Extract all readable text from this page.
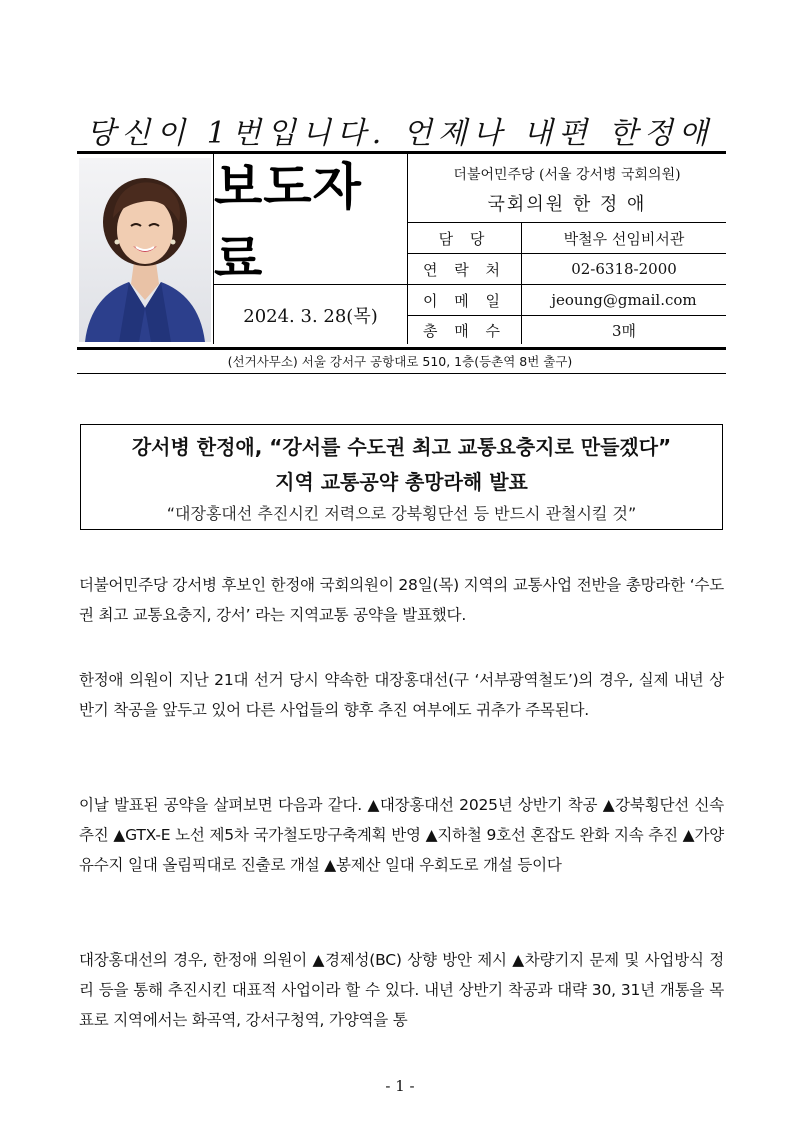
당신이 1번입니다. 언제나 내편 한정애
보도자료
2024. 3. 28(목)
더불어민주당 (서울 강서병 국회의원)
국회의원 한 정 애
담 당	박철우 선임비서관
연 락 처	02-6318-2000
이 메 일	jeoung@gmail.com
총 매 수	3매
(선거사무소) 서울 강서구 공항대로 510, 1층(등촌역 8번 출구)
강서병 한정애, “강서를 수도권 최고 교통요충지로 만들겠다”
지역 교통공약 총망라해 발표
“대장홍대선 추진시킨 저력으로 강북횡단선 등 반드시 관철시킬 것”
더불어민주당 강서병 후보인 한정애 국회의원이 28일(목) 지역의 교통사업 전반을 총망라한 ‘수도권 최고 교통요충지, 강서’ 라는 지역교통 공약을 발표했다.
한정애 의원이 지난 21대 선거 당시 약속한 대장홍대선(구 ‘서부광역철도’)의 경우, 실제 내년 상반기 착공을 앞두고 있어 다른 사업들의 향후 추진 여부에도 귀추가 주목된다.
이날 발표된 공약을 살펴보면 다음과 같다. ▲대장홍대선 2025년 상반기 착공 ▲강북횡단선 신속 추진 ▲GTX-E 노선 제5차 국가철도망구축계획 반영 ▲지하철 9호선 혼잡도 완화 지속 추진 ▲가양유수지 일대 올림픽대로 진출로 개설 ▲봉제산 일대 우회도로 개설 등이다
대장홍대선의 경우, 한정애 의원이 ▲경제성(BC) 상향 방안 제시 ▲차량기지 문제 및 사업방식 정리 등을 통해 추진시킨 대표적 사업이라 할 수 있다. 내년 상반기 착공과 대략 30, 31년 개통을 목표로 지역에서는 화곡역, 강서구청역, 가양역을 통
- 1 -
